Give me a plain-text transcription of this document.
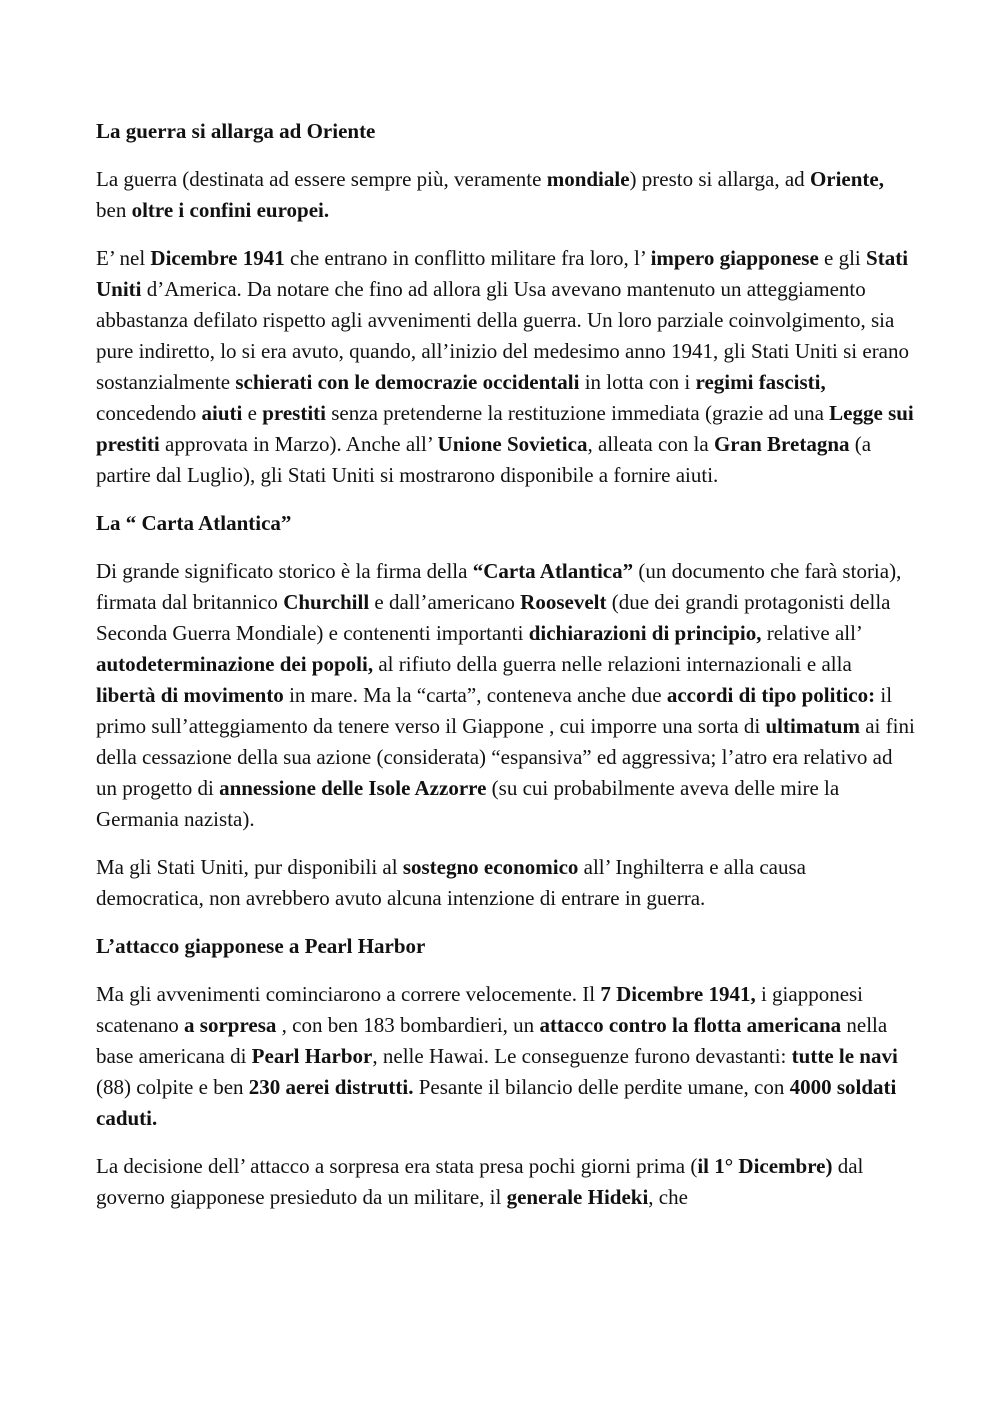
La guerra si allarga ad Oriente
La guerra (destinata ad essere sempre più, veramente mondiale) presto si allarga, ad Oriente, ben oltre i confini europei.
E’ nel Dicembre 1941 che entrano in conflitto militare fra loro, l’ impero giapponese e gli Stati Uniti d’America. Da notare che fino ad allora gli Usa avevano mantenuto un atteggiamento abbastanza defilato rispetto agli avvenimenti della guerra. Un loro parziale coinvolgimento, sia pure indiretto, lo si era avuto, quando, all’inizio del medesimo anno 1941, gli Stati Uniti si erano sostanzialmente schierati con le democrazie occidentali in lotta con i regimi fascisti, concedendo aiuti e prestiti senza pretenderne la restituzione immediata (grazie ad una Legge sui prestiti approvata in Marzo). Anche all’ Unione Sovietica, alleata con la Gran Bretagna (a partire dal Luglio), gli Stati Uniti si mostrarono disponibile a fornire aiuti.
La “ Carta Atlantica”
Di grande significato storico è la firma della “Carta Atlantica” (un documento che farà storia), firmata dal britannico Churchill e dall’americano Roosevelt (due dei grandi protagonisti della Seconda Guerra Mondiale) e contenenti importanti dichiarazioni di principio, relative all’ autodeterminazione dei popoli, al rifiuto della guerra nelle relazioni internazionali e alla libertà di movimento in mare. Ma la “carta”, conteneva anche due accordi di tipo politico: il primo sull’atteggiamento da tenere verso il Giappone , cui imporre una sorta di ultimatum ai fini della cessazione della sua azione (considerata) “espansiva” ed aggressiva; l’atro era relativo ad un progetto di annessione delle Isole Azzorre (su cui probabilmente aveva delle mire la Germania nazista).
Ma gli Stati Uniti, pur disponibili al sostegno economico all’ Inghilterra e alla causa democratica, non avrebbero avuto alcuna intenzione di entrare in guerra.
L’attacco giapponese a Pearl Harbor
Ma gli avvenimenti cominciarono a correre velocemente. Il 7 Dicembre 1941, i giapponesi scatenano a sorpresa , con ben 183 bombardieri, un attacco contro la flotta americana nella base americana di Pearl Harbor, nelle Hawai. Le conseguenze furono devastanti: tutte le navi (88) colpite e ben 230 aerei distrutti. Pesante il bilancio delle perdite umane, con 4000 soldati caduti.
La decisione dell’ attacco a sorpresa era stata presa pochi giorni prima (il 1° Dicembre) dal governo giapponese presieduto da un militare, il generale Hideki, che
